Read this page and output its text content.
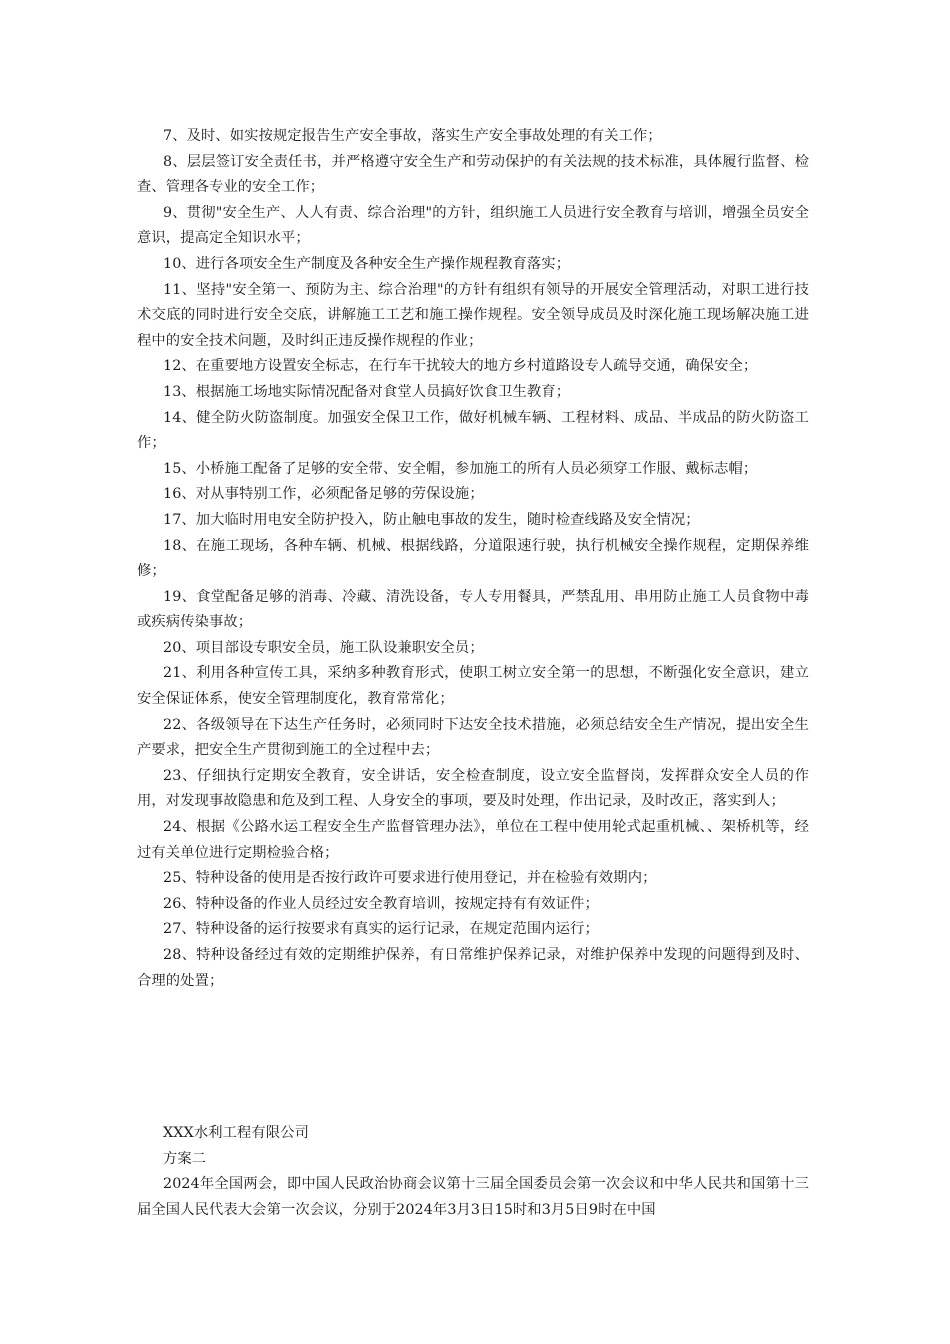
7、及时、如实按规定报告生产安全事故，落实生产安全事故处理的有关工作；

8、层层签订安全责任书，并严格遵守安全生产和劳动保护的有关法规的技术标准，具体履行监督、检查、管理各专业的安全工作；

9、贯彻"安全生产、人人有责、综合治理"的方针，组织施工人员进行安全教育与培训，增强全员安全意识，提高定全知识水平；

10、进行各项安全生产制度及各种安全生产操作规程教育落实；

11、坚持"安全第一、预防为主、综合治理"的方针有组织有领导的开展安全管理活动，对职工进行技术交底的同时进行安全交底，讲解施工工艺和施工操作规程。安全领导成员及时深化施工现场解决施工进程中的安全技术问题，及时纠正违反操作规程的作业；

12、在重要地方设置安全标志，在行车干扰较大的地方乡村道路设专人疏导交通，确保安全；

13、根据施工场地实际情况配备对食堂人员搞好饮食卫生教育；

14、健全防火防盗制度。加强安全保卫工作，做好机械车辆、工程材料、成品、半成品的防火防盗工作；

15、小桥施工配备了足够的安全带、安全帽，参加施工的所有人员必须穿工作服、戴标志帽；

16、对从事特别工作，必须配备足够的劳保设施；

17、加大临时用电安全防护投入，防止触电事故的发生，随时检查线路及安全情况；

18、在施工现场，各种车辆、机械、根据线路，分道限速行驶，执行机械安全操作规程，定期保养维修；

19、食堂配备足够的消毒、冷藏、清洗设备，专人专用餐具，严禁乱用、串用防止施工人员食物中毒或疾病传染事故；

20、项目部设专职安全员，施工队设兼职安全员；

21、利用各种宣传工具，采纳多种教育形式，使职工树立安全第一的思想，不断强化安全意识，建立安全保证体系，使安全管理制度化，教育常常化；

22、各级领导在下达生产任务时，必须同时下达安全技术措施，必须总结安全生产情况，提出安全生产要求，把安全生产贯彻到施工的全过程中去；

23、仔细执行定期安全教育，安全讲话，安全检查制度，设立安全监督岗，发挥群众安全人员的作用，对发现事故隐患和危及到工程、人身安全的事项，要及时处理，作出记录，及时改正，落实到人；

24、根据《公路水运工程安全生产监督管理办法》，单位在工程中使用轮式起重机械、、架桥机等，经过有关单位进行定期检验合格；

25、特种设备的使用是否按行政许可要求进行使用登记，并在检验有效期内；

26、特种设备的作业人员经过安全教育培训，按规定持有有效证件；

27、特种设备的运行按要求有真实的运行记录，在规定范围内运行；

28、特种设备经过有效的定期维护保养，有日常维护保养记录，对维护保养中发现的问题得到及时、合理的处置；

XXX水利工程有限公司

方案二

2024年全国两会，即中国人民政治协商会议第十三届全国委员会第一次会议和中华人民共和国第十三届全国人民代表大会第一次会议，分别于2024年3月3日15时和3月5日9时在中国
